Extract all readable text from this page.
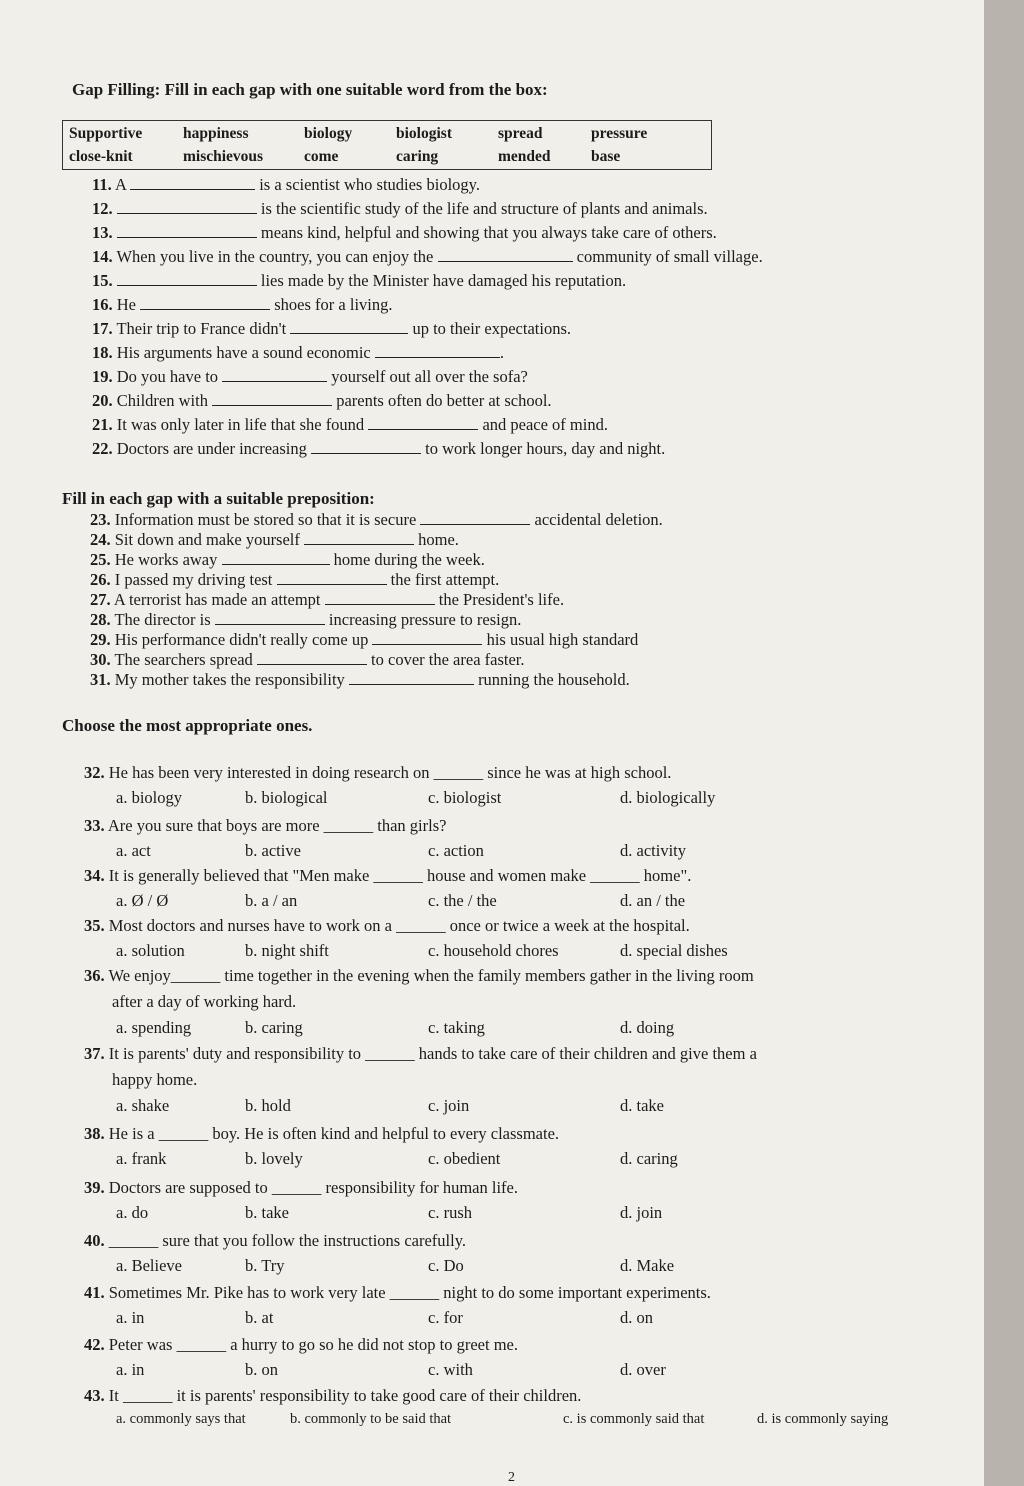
Gap Filling: Fill in each gap with one suitable word from the box:
Supportive	happiness	biology	biologist	spread	pressure
close-knit	mischievous	come	caring	mended	base
11. A	is a scientist who studies biology.
12.	is the scientific study of the life and structure of plants and animals.
13.	means kind, helpful and showing that you always take care of others.
14. When you live in the country, you can enjoy the	community of small village.
15.	lies made by the Minister have damaged his reputation.
16. He	shoes for a living.
17. Their trip to France didn't	up to their expectations.
18. His arguments have a sound economic	.
19. Do you have to	yourself out all over the sofa?
20. Children with	parents often do better at school.
21. It was only later in life that she found	and peace of mind.
22. Doctors are under increasing	to work longer hours, day and night.
Fill in each gap with a suitable preposition:
23. Information must be stored so that it is secure	accidental deletion.
24. Sit down and make yourself	home.
25. He works away	home during the week.
26. I passed my driving test	the first attempt.
27. A terrorist has made an attempt	the President's life.
28. The director is	increasing pressure to resign.
29. His performance didn't really come up	his usual high standard
30. The searchers spread	to cover the area faster.
31. My mother takes the responsibility	running the household.
Choose the most appropriate ones.
32. He has been very interested in doing research on ______ since he was at high school.
a. biology	b. biological	c. biologist	d. biologically
33. Are you sure that boys are more ______ than girls?
a. act	b. active	c. action	d. activity
34. It is generally believed that "Men make ______ house and women make ______ home".
a. Ø / Ø	b. a / an	c. the / the	d. an / the
35. Most doctors and nurses have to work on a ______ once or twice a week at the hospital.
a. solution	b. night shift	c. household chores	d. special dishes
36. We enjoy______ time together in the evening when the family members gather in the living room
after a day of working hard.
a. spending	b. caring	c. taking	d. doing
37. It is parents' duty and responsibility to ______ hands to take care of their children and give them a
happy home.
a. shake	b. hold	c. join	d. take
38. He is a ______ boy. He is often kind and helpful to every classmate.
a. frank	b. lovely	c. obedient	d. caring
39. Doctors are supposed to ______ responsibility for human life.
a. do	b. take	c. rush	d. join
40. ______ sure that you follow the instructions carefully.
a. Believe	b. Try	c. Do	d. Make
41. Sometimes Mr. Pike has to work very late ______ night to do some important experiments.
a. in	b. at	c. for	d. on
42. Peter was ______ a hurry to go so he did not stop to greet me.
a. in	b. on	c. with	d. over
43. It ______ it is parents' responsibility to take good care of their children.
a. commonly says that	b. commonly to be said that	c. is commonly said that	d. is commonly saying
2
